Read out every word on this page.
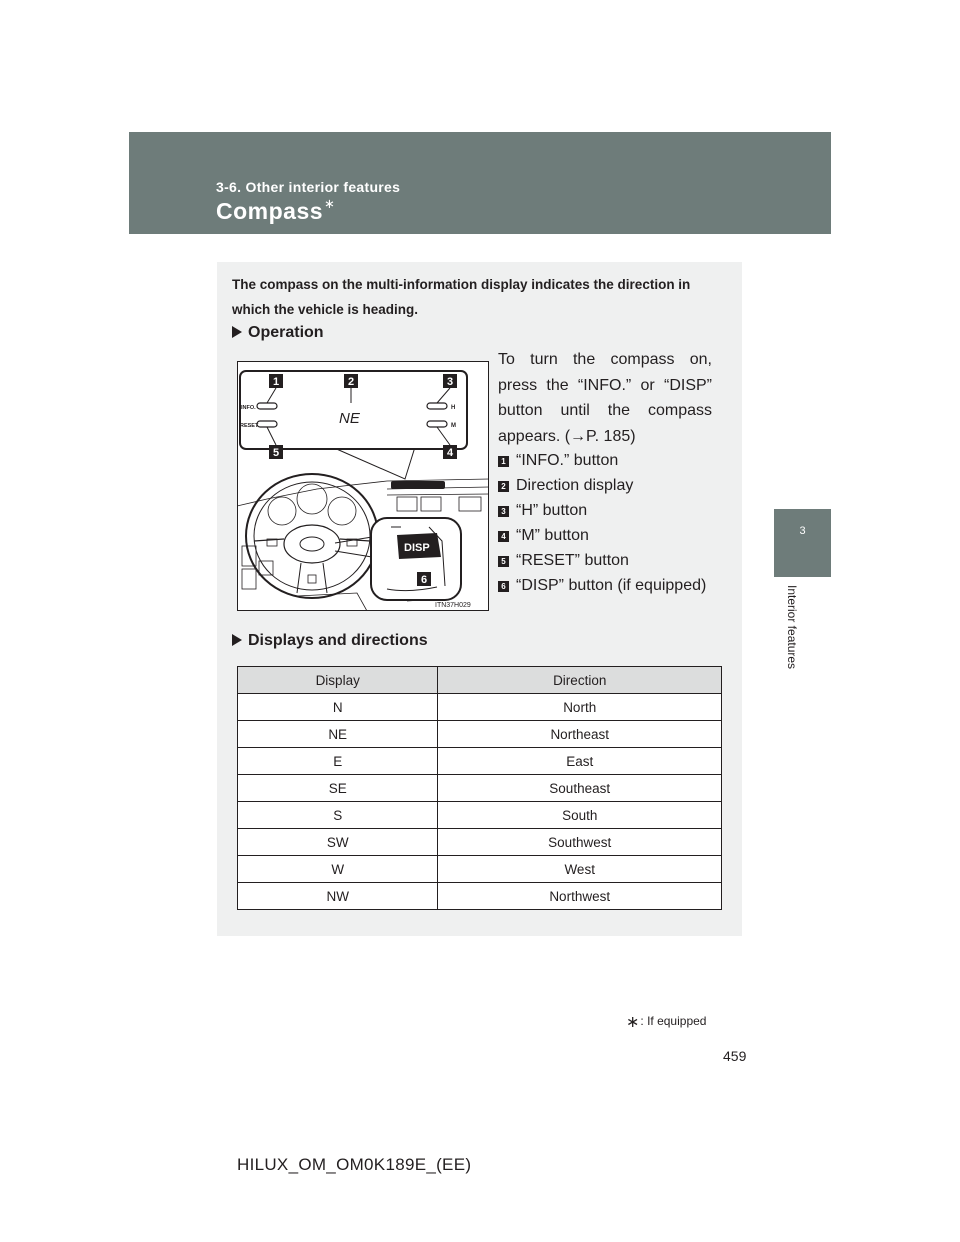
3-6. Other interior features
Compass∗
3
Interior features
The compass on the multi-information display indicates the direction in which the vehicle is heading.
Operation
INFO.
RESET
H
M
NE
1	2	3
4
5
DISP
6
ITN37H029
To turn the compass on, press the “INFO.” or “DISP” button until the compass appears. (→P. 185)
1 “INFO.” button
2 Direction display
3 “H” button
4 “M” button
5 “RESET” button
6 “DISP” button (if equipped)
Displays and directions
Display	Direction
N	North
NE	Northeast
E	East
SE	Southeast
S	South
SW	Southwest
W	West
NW	Northwest
∗: If equipped
459
HILUX_OM_OM0K189E_(EE)
